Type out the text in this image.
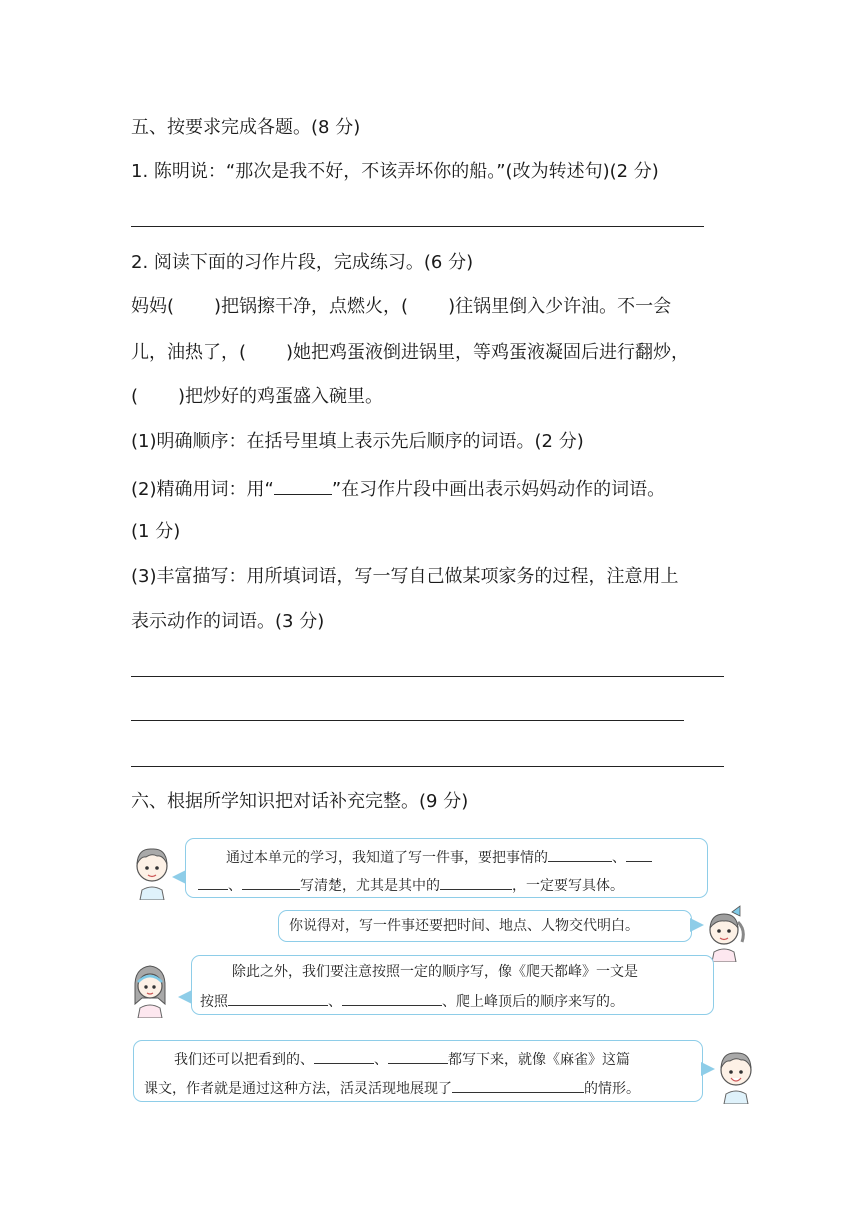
五、按要求完成各题。(8 分)
1. 陈明说：“那次是我不好，不该弄坏你的船。”(改为转述句)(2 分)
2. 阅读下面的习作片段，完成练习。(6 分)
妈妈( )把锅擦干净，点燃火，( )往锅里倒入少许油。不一会
儿，油热了，( )她把鸡蛋液倒进锅里，等鸡蛋液凝固后进行翻炒，
( )把炒好的鸡蛋盛入碗里。
(1)明确顺序：在括号里填上表示先后顺序的词语。(2 分)
(2)精确用词：用“	”在习作片段中画出表示妈妈动作的词语。
(1 分)
(3)丰富描写：用所填词语，写一写自己做某项家务的过程，注意用上
表示动作的词语。(3 分)
六、根据所学知识把对话补充完整。(9 分)
通过本单元的学习，我知道了写一件事，要把事情的	、
、	写清楚，尤其是其中的	，一定要写具体。
你说得对，写一件事还要把时间、地点、人物交代明白。
除此之外，我们要注意按照一定的顺序写，像《爬天都峰》一文是
按照	、	、爬上峰顶后的顺序来写的。
我们还可以把看到的、	、	都写下来，就像《麻雀》这篇
课文，作者就是通过这种方法，活灵活现地展现了	的情形。
